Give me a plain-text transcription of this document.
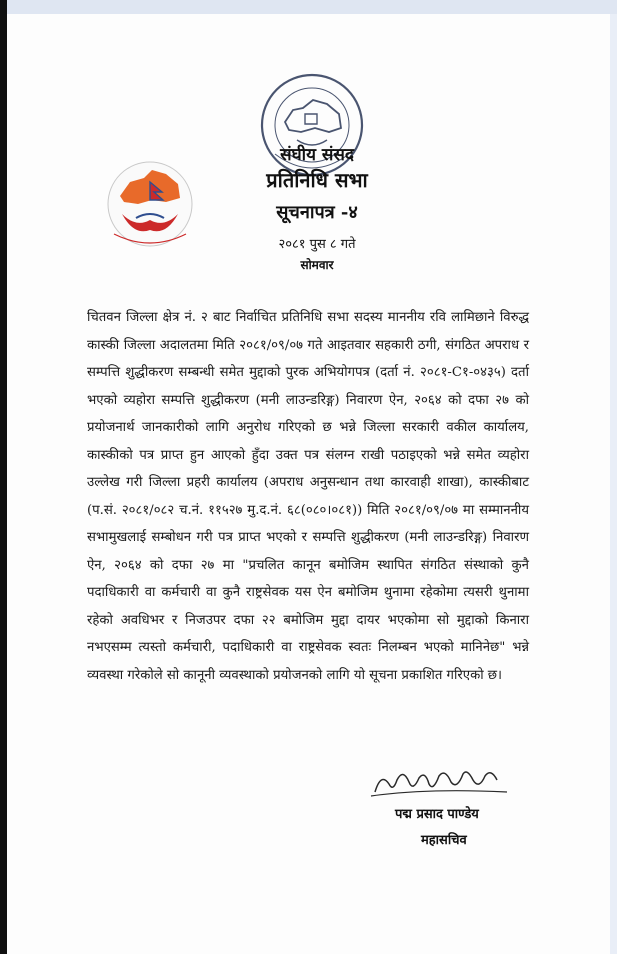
संघीय संसद
प्रतिनिधि सभा
सूचनापत्र -४
२०८१ पुस ८ गते
सोमवार
चितवन जिल्ला क्षेत्र नं. २ बाट निर्वाचित प्रतिनिधि सभा सदस्य माननीय रवि लामिछाने विरुद्ध कास्की जिल्ला अदालतमा मिति २०८१/०९/०७ गते आइतवार सहकारी ठगी, संगठित अपराध र सम्पत्ति शुद्धीकरण सम्बन्धी समेत मुद्दाको पुरक अभियोगपत्र (दर्ता नं. २०८१-C१-०४३५) दर्ता भएको व्यहोरा सम्पत्ति शुद्धीकरण (मनी लाउन्डरिङ्ग) निवारण ऐन, २०६४ को दफा २७ को प्रयोजनार्थ जानकारीको लागि अनुरोध गरिएको छ भन्ने जिल्ला सरकारी वकील कार्यालय, कास्कीको पत्र प्राप्त हुन आएको हुँदा उक्त पत्र संलग्न राखी पठाइएको भन्ने समेत व्यहोरा उल्लेख गरी जिल्ला प्रहरी कार्यालय (अपराध अनुसन्धान तथा कारवाही शाखा), कास्कीबाट (प.सं. २०८१/०८२ च.नं. ११५२७ मु.द.नं. ६८(०८०।०८१)) मिति २०८१/०९/०७ मा सम्माननीय सभामुखलाई सम्बोधन गरी पत्र प्राप्त भएको र सम्पत्ति शुद्धीकरण (मनी लाउन्डरिङ्ग) निवारण ऐन, २०६४ को दफा २७ मा "प्रचलित कानून बमोजिम स्थापित संगठित संस्थाको कुनै पदाधिकारी वा कर्मचारी वा कुनै राष्ट्रसेवक यस ऐन बमोजिम थुनामा रहेकोमा त्यसरी थुनामा रहेको अवधिभर र निजउपर दफा २२ बमोजिम मुद्दा दायर भएकोमा सो मुद्दाको किनारा नभएसम्म त्यस्तो कर्मचारी, पदाधिकारी वा राष्ट्रसेवक स्वतः निलम्बन भएको मानिनेछ" भन्ने व्यवस्था गरेकोले सो कानूनी व्यवस्थाको प्रयोजनको लागि यो सूचना प्रकाशित गरिएको छ।
पद्म प्रसाद पाण्डेय
महासचिव
